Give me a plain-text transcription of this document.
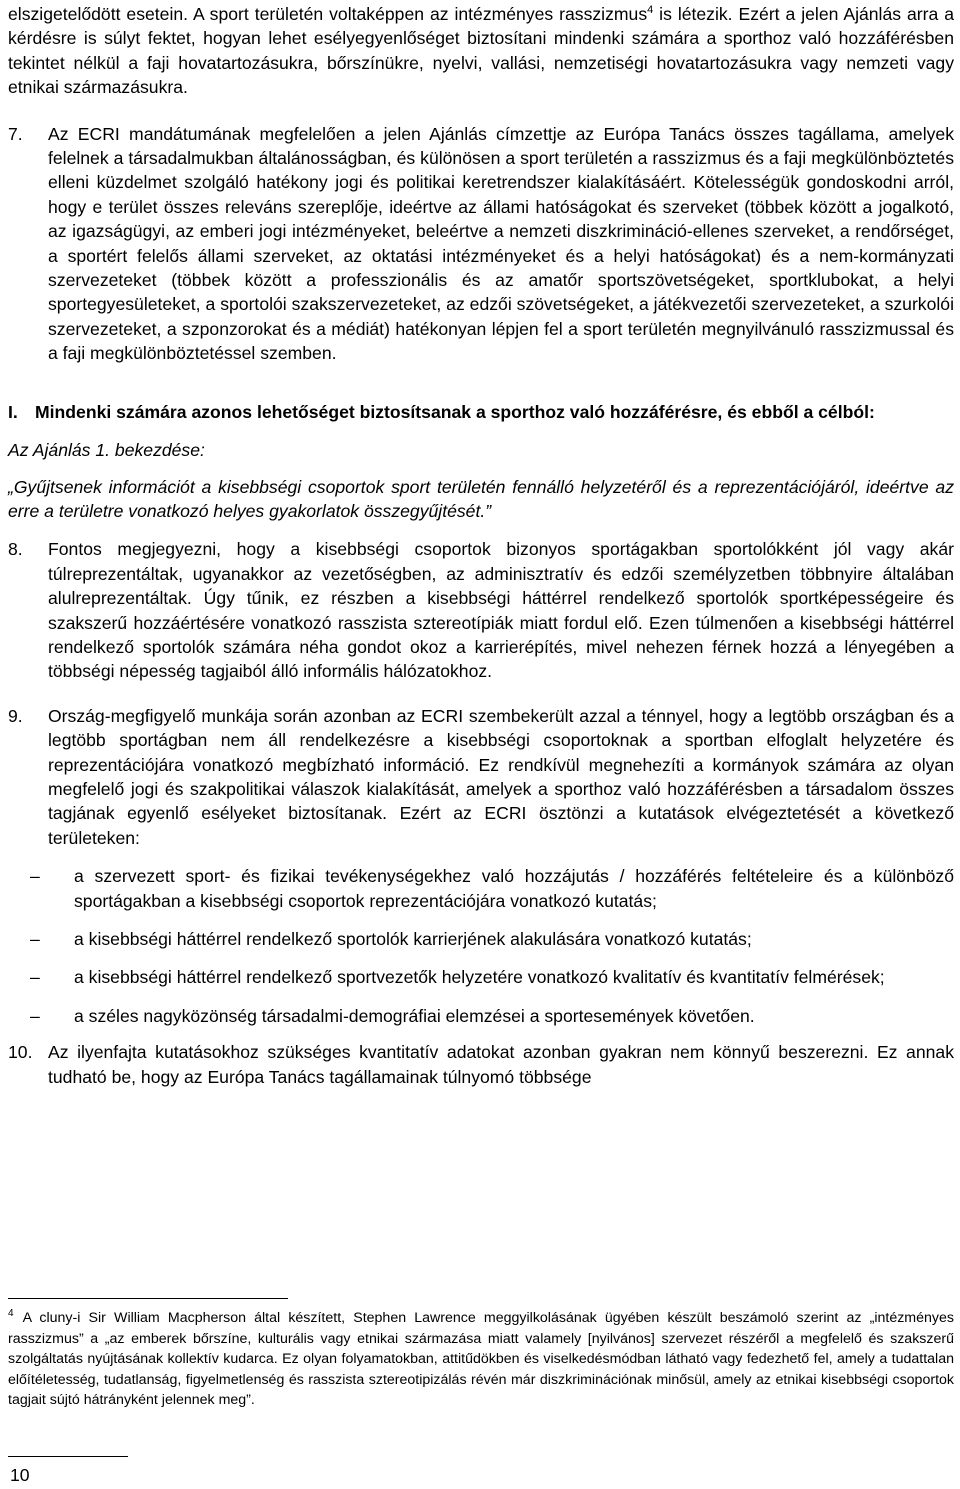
elszigetelődött esetein. A sport területén voltaképpen az intézményes rasszizmus$^4$ is létezik. Ezért a jelen Ajánlás arra a kérdésre is súlyt fektet, hogyan lehet esélyegyenlőséget biztosítani mindenki számára a sporthoz való hozzáférésben tekintet nélkül a faji hovatartozásukra, bőrszínükre, nyelvi, vallási, nemzetiségi hovatartozásukra vagy nemzeti vagy etnikai származásukra.

7. Az ECRI mandátumának megfelelően a jelen Ajánlás címzettje az Európa Tanács összes tagállama, amelyek felelnek a társadalmukban általánosságban, és különösen a sport területén a rasszizmus és a faji megkülönböztetés elleni küzdelmet szolgáló hatékony jogi és politikai keretrendszer kialakításáért. Kötelességük gondoskodni arról, hogy e terület összes releváns szereplője, ideértve az állami hatóságokat és szerveket (többek között a jogalkotó, az igazságügyi, az emberi jogi intézményeket, beleértve a nemzeti diszkrimináció-ellenes szerveket, a rendőrséget, a sportért felelős állami szerveket, az oktatási intézményeket és a helyi hatóságokat) és a nem-kormányzati szervezeteket (többek között a professzionális és az amatőr sportszövetségeket, sportklubokat, a helyi sportegyesületeket, a sportolói szakszervezeteket, az edzői szövetségeket, a játékvezetői szervezeteket, a szurkolói szervezeteket, a szponzorokat és a médiát) hatékonyan lépjen fel a sport területén megnyilvánuló rasszizmussal és a faji megkülönböztetéssel szemben.
I. Mindenki számára azonos lehetőséget biztosítsanak a sporthoz való hozzáférésre, és ebből a célból:

Az Ajánlás 1. bekezdése:

„Gyűjtsenek információt a kisebbségi csoportok sport területén fennálló helyzetéről és a reprezentációjáról, ideértve az erre a területre vonatkozó helyes gyakorlatok összegyűjtését.”

8. Fontos megjegyezni, hogy a kisebbségi csoportok bizonyos sportágakban sportolókként jól vagy akár túlreprezentáltak, ugyanakkor az vezetőségben, az adminisztratív és edzői személyzetben többnyire általában alulreprezentáltak. Úgy tűnik, ez részben a kisebbségi háttérrel rendelkező sportolók sportképességeire és szakszerű hozzáértésére vonatkozó rasszista sztereotípiák miatt fordul elő. Ezen túlmenően a kisebbségi háttérrel rendelkező sportolók számára néha gondot okoz a karrierépítés, mivel nehezen férnek hozzá a lényegében a többségi népesség tagjaiból álló informális hálózatokhoz.
9. Ország-megfigyelő munkája során azonban az ECRI szembekerült azzal a ténnyel, hogy a legtöbb országban és a legtöbb sportágban nem áll rendelkezésre a kisebbségi csoportoknak a sportban elfoglalt helyzetére és reprezentációjára vonatkozó megbízható információ. Ez rendkívül megnehezíti a kormányok számára az olyan megfelelő jogi és szakpolitikai válaszok kialakítását, amelyek a sporthoz való hozzáférésben a társadalom összes tagjának egyenlő esélyeket biztosítanak. Ezért az ECRI ösztönzi a kutatások elvégeztetését a következő területeken:
– a szervezett sport- és fizikai tevékenységekhez való hozzájutás / hozzáférés feltételeire és a különböző sportágakban a kisebbségi csoportok reprezentációjára vonatkozó kutatás;
– a kisebbségi háttérrel rendelkező sportolók karrierjének alakulására vonatkozó kutatás;
– a kisebbségi háttérrel rendelkező sportvezetők helyzetére vonatkozó kvalitatív és kvantitatív felmérések;
– a széles nagyközönség társadalmi-demográfiai elemzései a sportesemények követően.
10. Az ilyenfajta kutatásokhoz szükséges kvantitatív adatokat azonban gyakran nem könnyű beszerezni. Ez annak tudható be, hogy az Európa Tanács tagállamainak túlnyomó többsége
$^4$ A cluny-i Sir William Macpherson által készített, Stephen Lawrence meggyilkolásának ügyében készült beszámoló szerint az „intézményes rasszizmus” a „az emberek bőrszíne, kulturális vagy etnikai származása miatt valamely [nyilvános] szervezet részéről a megfelelő és szakszerű szolgáltatás nyújtásának kollektív kudarca. Ez olyan folyamatokban, attitűdökben és viselkedésmódban látható vagy fedezhető fel, amely a tudattalan előítéletesség, tudatlanság, figyelmetlenség és rasszista sztereotipizálás révén már diszkriminációnak minősül, amely az etnikai kisebbségi csoportok tagjait sújtó hátrányként jelennek meg”.
10
